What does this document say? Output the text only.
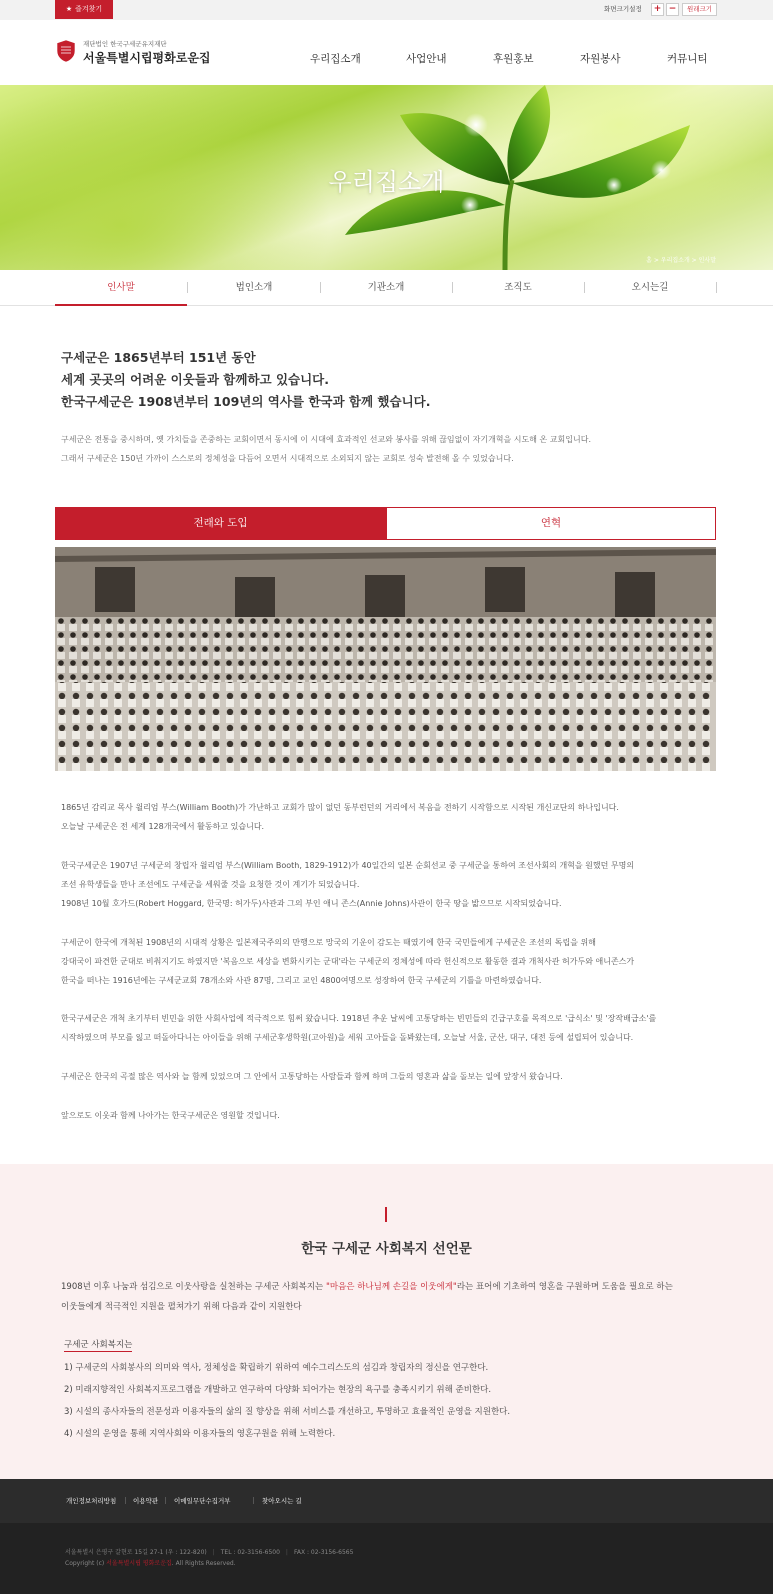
★ 즐겨찾기	화면크기설정	+ −	원래크기
재단법인 한국구세군유지재단
서울특별시립평화로운집	우리집소개	사업안내	후원홍보	자원봉사	커뮤니티
우리집소개
홈 > 우리집소개 > 인사말
인사말	법인소개	기관소개	조직도	오시는길
구세군은 1865년부터 151년 동안
세계 곳곳의 어려운 이웃들과 함께하고 있습니다.
한국구세군은 1908년부터 109년의 역사를 한국과 함께 했습니다.
구세군은 전통을 중시하며, 옛 가치들을 존중하는 교회이면서 동시에 이 시대에 효과적인 선교와 봉사를 위해 끊임없이 자기개혁을 시도해 온 교회입니다.
그래서 구세군은 150년 가까이 스스로의 정체성을 다듬어 오면서 시대적으로 소외되지 않는 교회로 성숙 발전해 올 수 있었습니다.
전래와 도입	연혁
1865년 감리교 목사 윌리엄 부스(William Booth)가 가난하고 교회가 많이 없던 동부런던의 거리에서 복음을 전하기 시작함으로 시작된 개신교단의 하나입니다.
오늘날 구세군은 전 세계 128개국에서 활동하고 있습니다.
한국구세군은 1907년 구세군의 창립자 윌리엄 부스(William Booth, 1829-1912)가 40일간의 일본 순회선교 중 구세군을 통하여 조선사회의 개혁을 원했던 무명의
조선 유학생들을 만나 조선에도 구세군을 세워줄 것을 요청한 것이 계기가 되었습니다.
1908년 10월 호가드(Robert Hoggard, 한국명: 허가두)사관과 그의 부인 애니 존스(Annie Johns)사관이 한국 땅을 밟으므로 시작되었습니다.
구세군이 한국에 개척된 1908년의 시대적 상황은 일본제국주의의 만행으로 망국의 기운이 감도는 때였기에 한국 국민들에게 구세군은 조선의 독립을 위해
강대국이 파견한 군대로 비춰지기도 하였지만 '복음으로 세상을 변화시키는 군대'라는 구세군의 정체성에 따라 헌신적으로 활동한 결과 개척사관 허가두와 애니존스가
한국을 떠나는 1916년에는 구세군교회 78개소와 사관 87명, 그리고 교인 4800여명으로 성장하여 한국 구세군의 기틀을 마련하였습니다.
한국구세군은 개척 초기부터 빈민을 위한 사회사업에 적극적으로 힘써 왔습니다. 1918년 추운 날씨에 고통당하는 빈민들의 긴급구호를 목적으로 '급식소' 및 '장작배급소'를
시작하였으며 부모를 잃고 떠돌아다니는 아이들을 위해 구세군후생학원(고아원)을 세워 고아들을 돌봐왔는데, 오늘날 서울, 군산, 대구, 대전 등에 설립되어 있습니다.
구세군은 한국의 곡절 많은 역사와 늘 함께 있었으며 그 안에서 고통당하는 사람들과 함께 하며 그들의 영혼과 삶을 돌보는 일에 앞장서 왔습니다.
앞으로도 이웃과 함께 나아가는 한국구세군은 영원할 것입니다.
한국 구세군 사회복지 선언문
1908년 이후 나눔과 섬김으로 이웃사랑을 실천하는 구세군 사회복지는 "마음은 하나님께 손길을 이웃에게"라는 표어에 기초하여 영혼을 구원하며 도움을 필요로 하는
이웃들에게 적극적인 지원을 펼쳐가기 위해 다음과 같이 지원한다
구세군 사회복지는
1) 구세군의 사회봉사의 의미와 역사, 정체성을 확립하기 위하여 예수그리스도의 섬김과 창립자의 정신을 연구한다.
2) 미래지향적인 사회복지프로그램을 개발하고 연구하여 다양화 되어가는 현장의 욕구를 충족시키기 위해 준비한다.
3) 시설의 종사자들의 전문성과 이용자들의 삶의 질 향상을 위해 서비스를 개선하고, 투명하고 효율적인 운영을 지원한다.
4) 시설의 운영을 통해 지역사회와 이용자들의 영혼구원을 위해 노력한다.
개인정보처리방침	이용약관 이메일무단수집거부	찾아오시는 길
서울특별시 은평구 갈현로 15길 27-1 (우 : 122-820) | TEL : 02-3156-6500 | FAX : 02-3156-6565
Copyright (c) 서울특별시립 평화로운집. All Rights Reserved.
